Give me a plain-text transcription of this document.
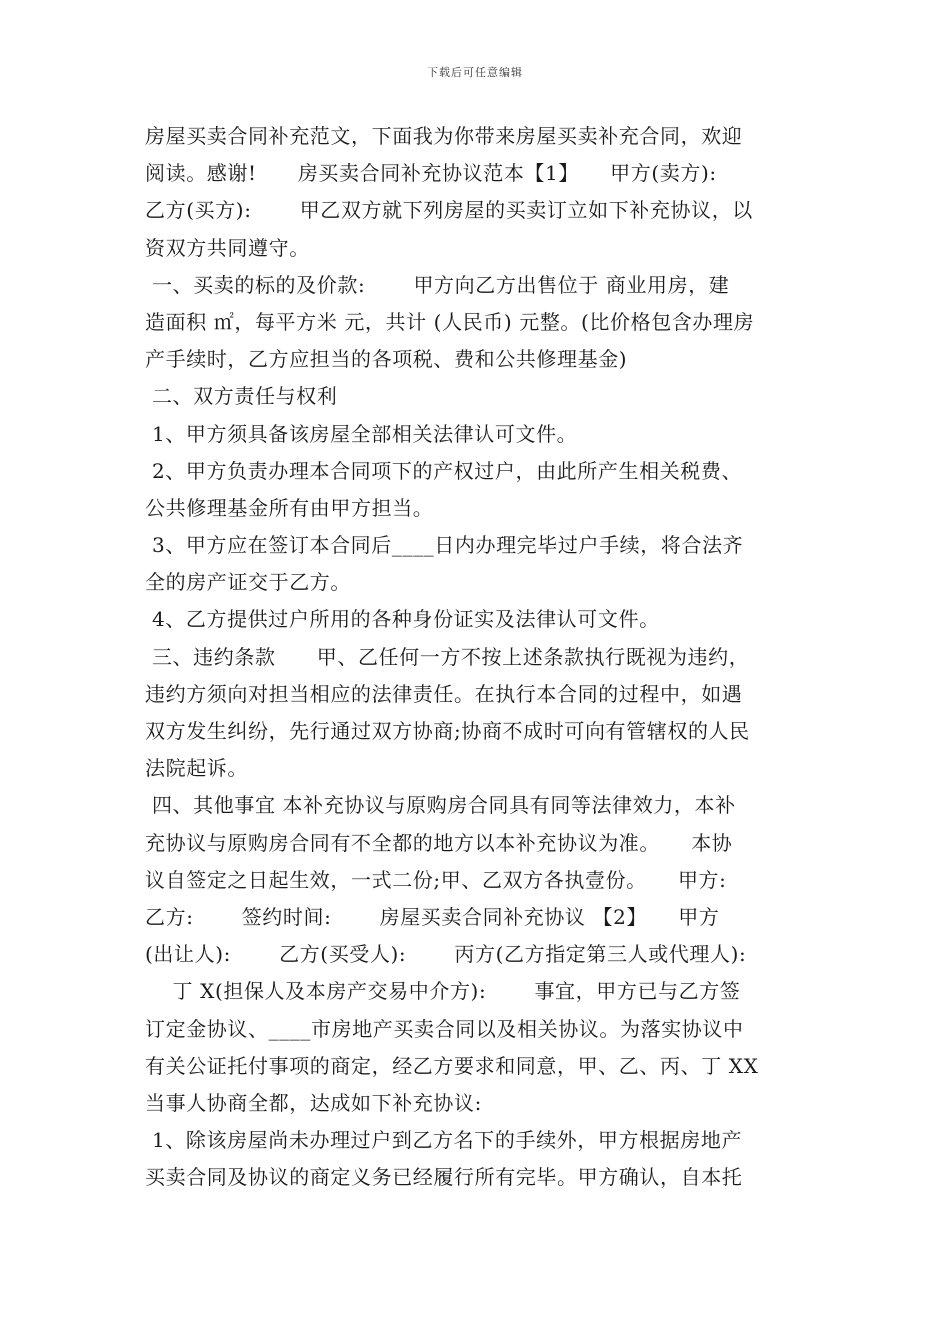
下载后可任意编辑
房屋买卖合同补充范文，下面我为你带来房屋买卖补充合同，欢迎
阅读。感谢!　　房买卖合同补充协议范本【1】　　甲方(卖方):
乙方(买方):　　 甲乙双方就下列房屋的买卖订立如下补充协议，以
资双方共同遵守。
一、买卖的标的及价款:　　 甲方向乙方出售位于 商业用房，建
造面积 ㎡，每平方米 元，共计 (人民币) 元整。(比价格包含办理房
产手续时，乙方应担当的各项税、费和公共修理基金)
二、双方责任与权利
1、甲方须具备该房屋全部相关法律认可文件。
2、甲方负责办理本合同项下的产权过户，由此所产生相关税费、
公共修理基金所有由甲方担当。
3、甲方应在签订本合同后____日内办理完毕过户手续，将合法齐
全的房产证交于乙方。
4、乙方提供过户所用的各种身份证实及法律认可文件。
三、违约条款　　甲、乙任何一方不按上述条款执行既视为违约，
违约方须向对担当相应的法律责任。在执行本合同的过程中，如遇
双方发生纠纷，先行通过双方协商;协商不成时可向有管辖权的人民
法院起诉。
四、其他事宜 本补充协议与原购房合同具有同等法律效力，本补
充协议与原购房合同有不全都的地方以本补充协议为准。　　本协
议自签定之日起生效，一式二份;甲、乙双方各执壹份。　　甲方:
乙方:　　 签约时间:　　 房屋买卖合同补充协议 【2】　　甲方
(出让人):　　 乙方(买受人):　　 丙方(乙方指定第三人或代理人):
　 丁 X(担保人及本房产交易中介方):　　 事宜，甲方已与乙方签
订定金协议、____市房地产买卖合同以及相关协议。为落实协议中
有关公证托付事项的商定，经乙方要求和同意，甲、乙、丙、丁 XX
当事人协商全都，达成如下补充协议:
1、除该房屋尚未办理过户到乙方名下的手续外，甲方根据房地产
买卖合同及协议的商定义务已经履行所有完毕。甲方确认，自本托
